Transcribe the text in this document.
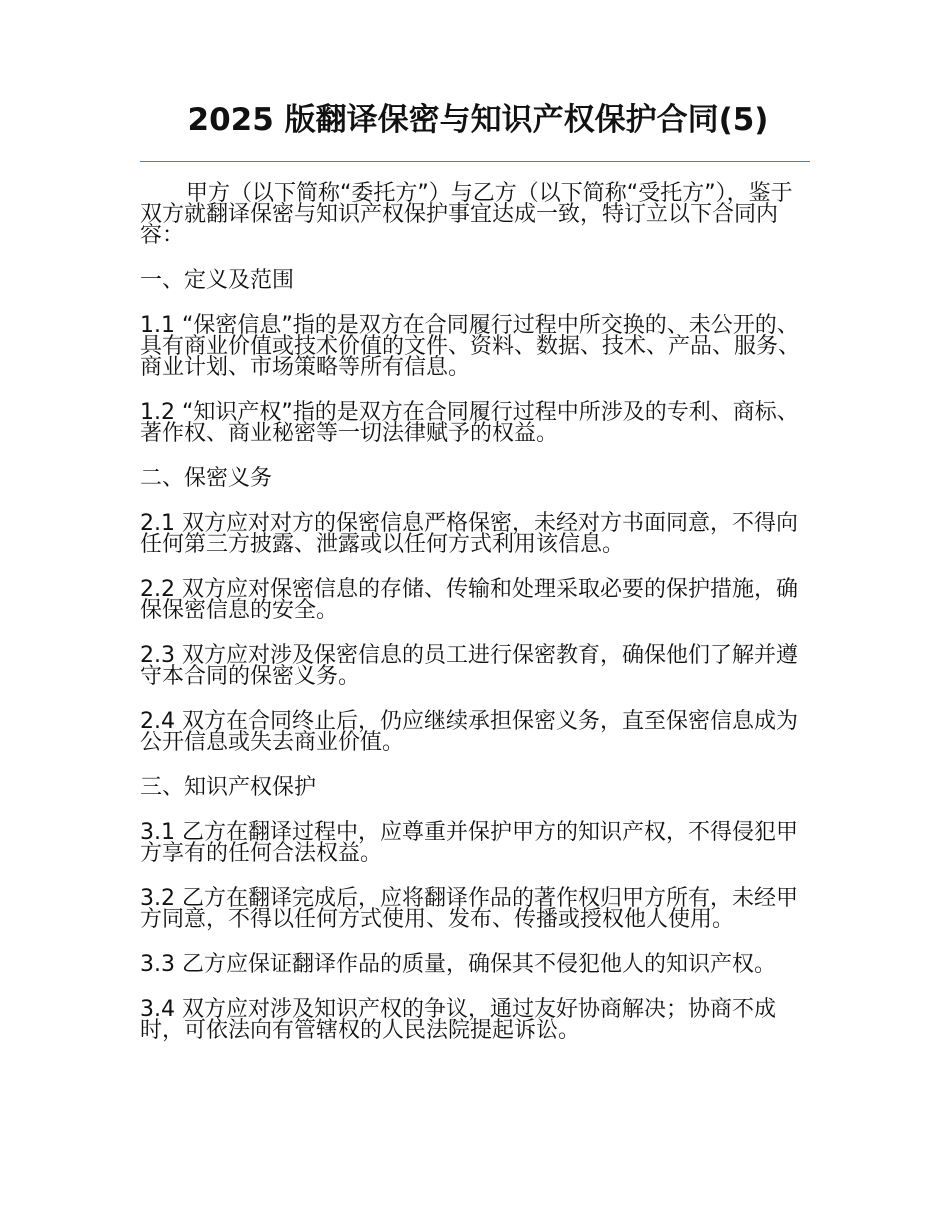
2025 版翻译保密与知识产权保护合同(5)

甲方（以下简称“委托方”）与乙方（以下简称“受托方”），鉴于双方就翻译保密与知识产权保护事宜达成一致，特订立以下合同内容：

一、定义及范围

1.1 “保密信息”指的是双方在合同履行过程中所交换的、未公开的、具有商业价值或技术价值的文件、资料、数据、技术、产品、服务、商业计划、市场策略等所有信息。

1.2 “知识产权”指的是双方在合同履行过程中所涉及的专利、商标、著作权、商业秘密等一切法律赋予的权益。

二、保密义务

2.1 双方应对对方的保密信息严格保密，未经对方书面同意，不得向任何第三方披露、泄露或以任何方式利用该信息。

2.2 双方应对保密信息的存储、传输和处理采取必要的保护措施，确保保密信息的安全。

2.3 双方应对涉及保密信息的员工进行保密教育，确保他们了解并遵守本合同的保密义务。

2.4 双方在合同终止后，仍应继续承担保密义务，直至保密信息成为公开信息或失去商业价值。

三、知识产权保护

3.1 乙方在翻译过程中，应尊重并保护甲方的知识产权，不得侵犯甲方享有的任何合法权益。

3.2 乙方在翻译完成后，应将翻译作品的著作权归甲方所有，未经甲方同意，不得以任何方式使用、发布、传播或授权他人使用。

3.3 乙方应保证翻译作品的质量，确保其不侵犯他人的知识产权。

3.4 双方应对涉及知识产权的争议，通过友好协商解决；协商不成时，可依法向有管辖权的人民法院提起诉讼。
